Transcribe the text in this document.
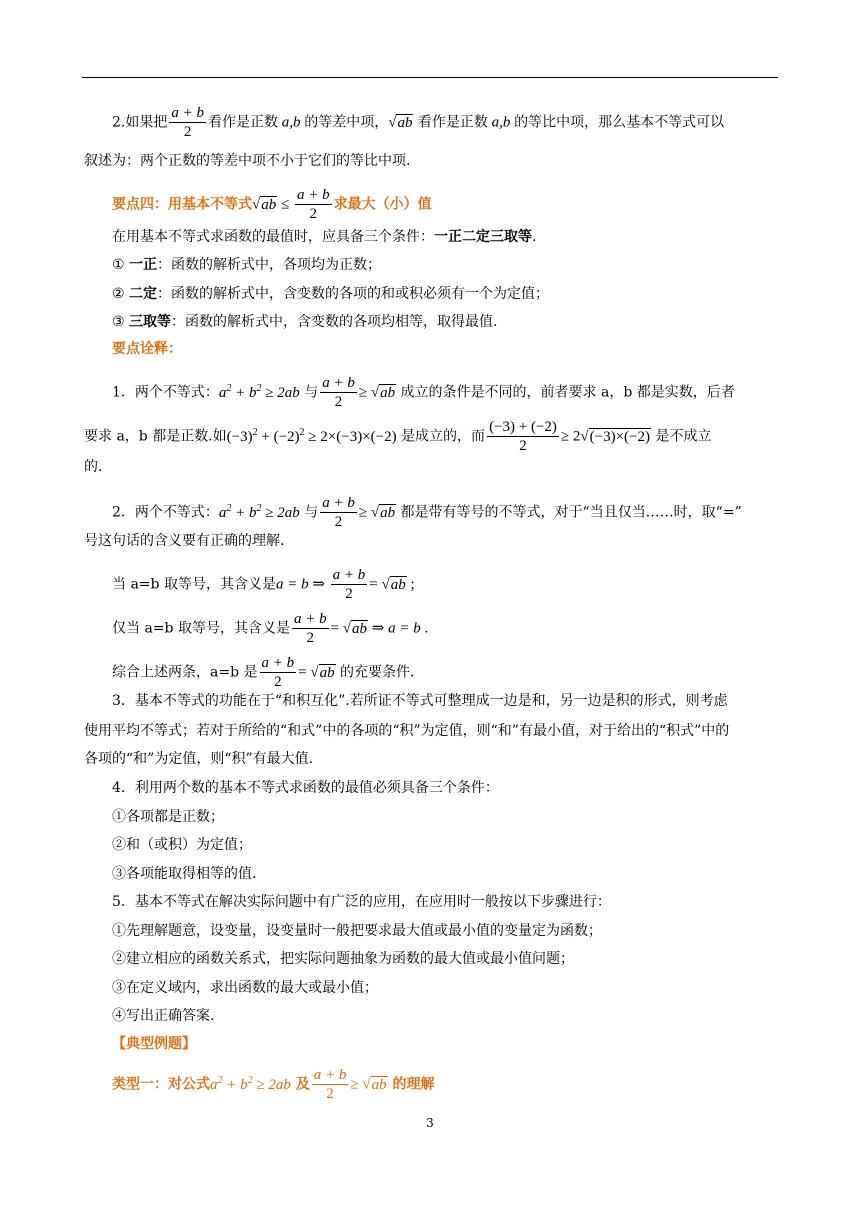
2.如果把 $\frac{a + b}{2}$ 看作是正数 a,b 的等差中项，√ab 看作是正数 a,b 的等比中项，那么基本不等式可以
叙述为：两个正数的等差中项不小于它们的等比中项.
要点四：用基本不等式$√ab \le \frac{a + b}{2}$ 求最大（小）值
在用基本不等式求函数的最值时，应具备三个条件：一正二定三取等.
① 一正：函数的解析式中，各项均为正数；
② 二定：函数的解析式中，含变数的各项的和或积必须有一个为定值；
③ 三取等：函数的解析式中，含变数的各项均相等，取得最值.
要点诠释：
1．两个不等式：$a^2 + b^2 \ge 2ab$ 与 $\frac{a + b}{2} \ge √ab$ 成立的条件是不同的，前者要求 a，b 都是实数，后者
要求 a，b 都是正数.如$(-3)^2 + (-2)^2 \ge 2\times(-3)\times(-2)$ 是成立的，而 $\frac{(-3) + (-2)}{2} \ge 2√(-3)\times(-2)$ 是不成立
的.
2．两个不等式：$a^2 + b^2 \ge 2ab$ 与 $\frac{a + b}{2} \ge √ab$ 都是带有等号的不等式，对于“当且仅当……时，取“=”
号这句话的含义要有正确的理解.
当 a=b 取等号，其含义是a = b ⇒ $\frac{a + b}{2} = √ab$ ;
仅当 a=b 取等号，其含义是 $\frac{a + b}{2} = √ab$ ⇒ a = b .
综合上述两条，a=b 是 $\frac{a + b}{2} = √ab$ 的充要条件.
3．基本不等式的功能在于“和积互化”.若所证不等式可整理成一边是和，另一边是积的形式，则考虑
使用平均不等式；若对于所给的“和式”中的各项的“积”为定值，则“和”有最小值，对于给出的“积式”中的
各项的“和”为定值，则“积”有最大值.
4．利用两个数的基本不等式求函数的最值必须具备三个条件：
①各项都是正数；
②和（或积）为定值；
③各项能取得相等的值.
5．基本不等式在解决实际问题中有广泛的应用，在应用时一般按以下步骤进行：
①先理解题意，设变量，设变量时一般把要求最大值或最小值的变量定为函数；
②建立相应的函数关系式，把实际问题抽象为函数的最大值或最小值问题；
③在定义域内，求出函数的最大或最小值；
④写出正确答案.
【典型例题】
类型一：对公式$a^2 + b^2 \ge 2ab$ 及 $\frac{a + b}{2} \ge √ab$ 的理解
3
